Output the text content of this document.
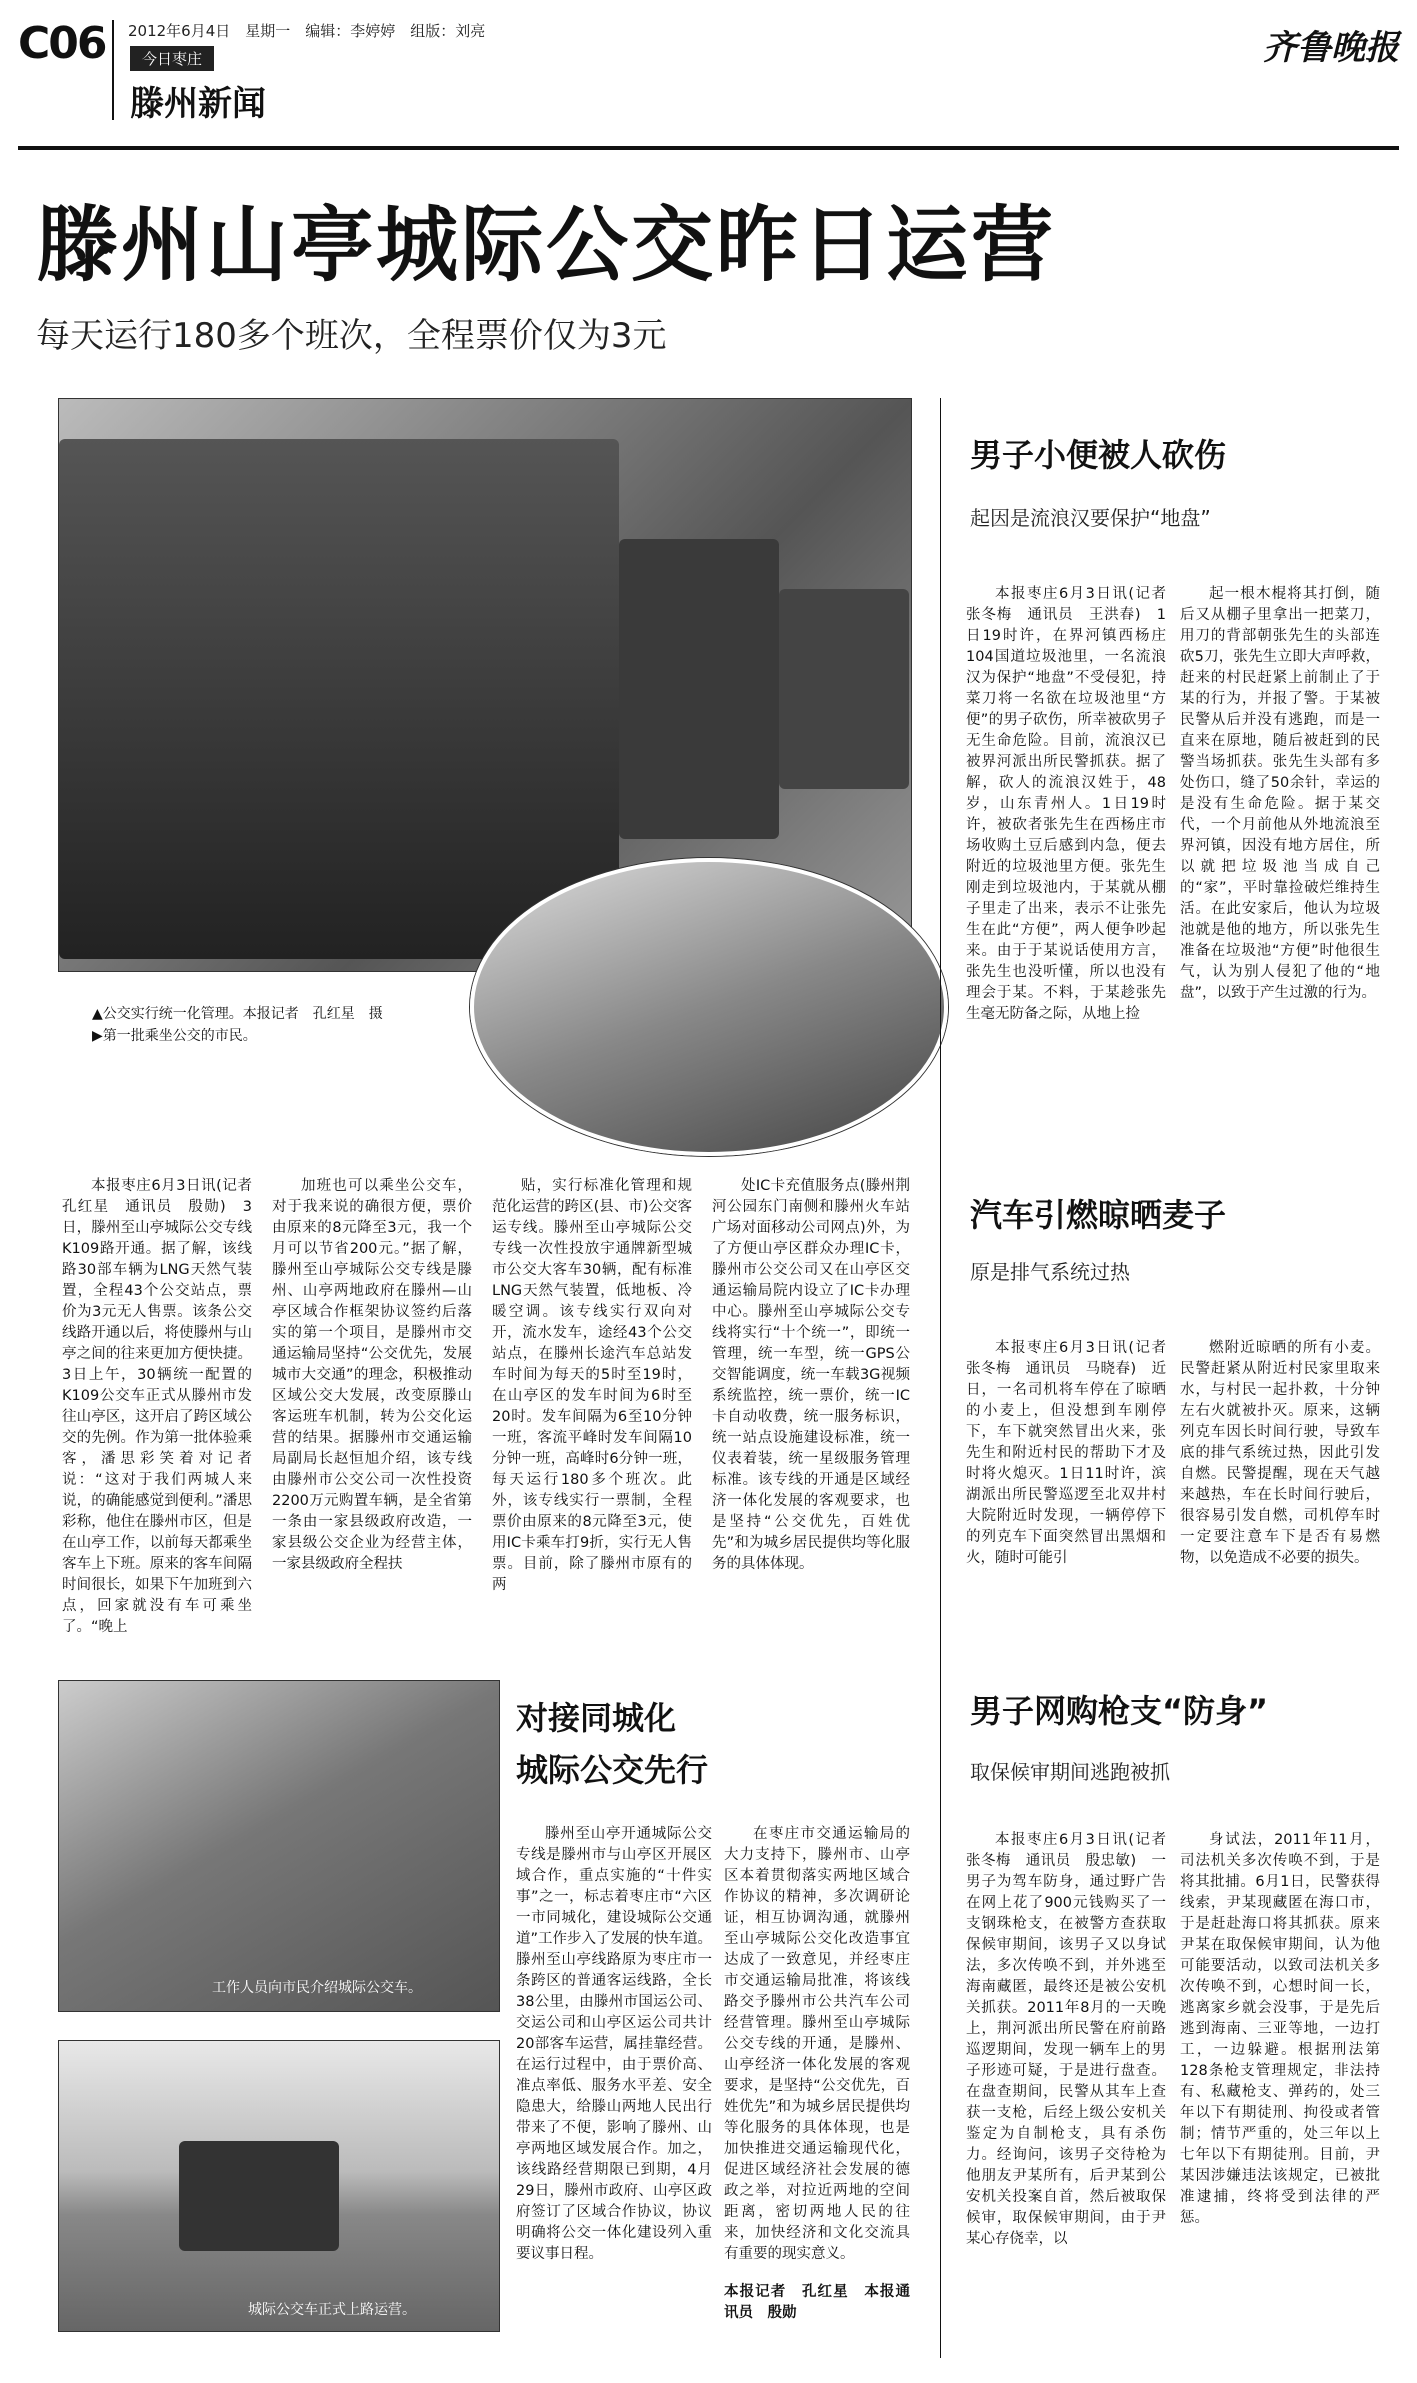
C06 2012年6月4日　星期一　编辑：李婷婷　组版：刘亮
今日枣庄
滕州新闻
齐鲁晚报
滕州山亭城际公交昨日运营
每天运行180多个班次，全程票价仅为3元
▲公交实行统一化管理。本报记者　孔红星　摄
▶第一批乘坐公交的市民。

本报枣庄6月3日讯(记者　孔红星　通讯员　殷勋)　3日，滕州至山亭城际公交专线K109路开通。据了解，该线路30部车辆为LNG天然气装置，全程43个公交站点，票价为3元无人售票。该条公交线路开通以后，将使滕州与山亭之间的往来更加方便快捷。3日上午，30辆统一配置的K109公交车正式从滕州市发往山亭区，这开启了跨区域公交的先例。作为第一批体验乘客，潘思彩笑着对记者说：“这对于我们两城人来说，的确能感觉到便利。”潘思彩称，他住在滕州市区，但是在山亭工作，以前每天都乘坐客车上下班。原来的客车间隔时间很长，如果下午加班到六点，回家就没有车可乘坐了。“晚上

加班也可以乘坐公交车，对于我来说的确很方便，票价由原来的8元降至3元，我一个月可以节省200元。”据了解，滕州至山亭城际公交专线是滕州、山亭两地政府在滕州—山亭区域合作框架协议签约后落实的第一个项目，是滕州市交通运输局坚持“公交优先，发展城市大交通”的理念，积极推动区域公交大发展，改变原滕山客运班车机制，转为公交化运营的结果。据滕州市交通运输局副局长赵恒旭介绍，该专线由滕州市公交公司一次性投资2200万元购置车辆，是全省第一条由一家县级政府改造，一家县级公交企业为经营主体，一家县级政府全程扶

贴，实行标准化管理和规范化运营的跨区(县、市)公交客运专线。滕州至山亭城际公交专线一次性投放宇通牌新型城市公交大客车30辆，配有标准LNG天然气装置，低地板、冷暖空调。该专线实行双向对开，流水发车，途经43个公交站点，在滕州长途汽车总站发车时间为每天的5时至19时，在山亭区的发车时间为6时至20时。发车间隔为6至10分钟一班，客流平峰时发车间隔10分钟一班，高峰时6分钟一班，每天运行180多个班次。此外，该专线实行一票制，全程票价由原来的8元降至3元，使用IC卡乘车打9折，实行无人售票。目前，除了滕州市原有的两

处IC卡充值服务点(滕州荆河公园东门南侧和滕州火车站广场对面移动公司网点)外，为了方便山亭区群众办理IC卡，滕州市公交公司又在山亭区交通运输局院内设立了IC卡办理中心。滕州至山亭城际公交专线将实行“十个统一”，即统一管理，统一车型，统一GPS公交智能调度，统一车载3G视频系统监控，统一票价，统一IC卡自动收费，统一服务标识，统一站点设施建设标准，统一仪表着装，统一星级服务管理标准。该专线的开通是区域经济一体化发展的客观要求，也是坚持“公交优先，百姓优先”和为城乡居民提供均等化服务的具体体现。

工作人员向市民介绍城际公交车。
城际公交车正式上路运营。
对接同城化
城际公交先行

滕州至山亭开通城际公交专线是滕州市与山亭区开展区域合作，重点实施的“十件实事”之一，标志着枣庄市“六区一市同城化，建设城际公交通道”工作步入了发展的快车道。滕州至山亭线路原为枣庄市一条跨区的普通客运线路，全长38公里，由滕州市国运公司、交运公司和山亭区运公司共计20部客车运营，属挂靠经营。在运行过程中，由于票价高、准点率低、服务水平差、安全隐患大，给滕山两地人民出行带来了不便，影响了滕州、山亭两地区域发展合作。加之，该线路经营期限已到期，4月29日，滕州市政府、山亭区政府签订了区域合作协议，协议明确将公交一体化建设列入重要议事日程。

在枣庄市交通运输局的大力支持下，滕州市、山亭区本着贯彻落实两地区域合作协议的精神，多次调研论证，相互协调沟通，就滕州至山亭城际公交化改造事宜达成了一致意见，并经枣庄市交通运输局批准，将该线路交予滕州市公共汽车公司经营管理。滕州至山亭城际公交专线的开通，是滕州、山亭经济一体化发展的客观要求，是坚持“公交优先，百姓优先”和为城乡居民提供均等化服务的具体体现，也是加快推进交通运输现代化，促进区域经济社会发展的德政之举，对拉近两地的空间距离，密切两地人民的往来，加快经济和文化交流具有重要的现实意义。

本报记者　孔红星　本报通讯员　殷勋
男子小便被人砍伤
起因是流浪汉要保护“地盘”

本报枣庄6月3日讯(记者　张冬梅　通讯员　王洪春)　1日19时许，在界河镇西杨庄104国道垃圾池里，一名流浪汉为保护“地盘”不受侵犯，持菜刀将一名欲在垃圾池里“方便”的男子砍伤，所幸被砍男子无生命危险。目前，流浪汉已被界河派出所民警抓获。据了解，砍人的流浪汉姓于，48岁，山东青州人。1日19时许，被砍者张先生在西杨庄市场收购土豆后感到内急，便去附近的垃圾池里方便。张先生刚走到垃圾池内，于某就从棚子里走了出来，表示不让张先生在此“方便”，两人便争吵起来。由于于某说话使用方言，张先生也没听懂，所以也没有理会于某。不料，于某趁张先生毫无防备之际，从地上捡

起一根木棍将其打倒，随后又从棚子里拿出一把菜刀，用刀的背部朝张先生的头部连砍5刀，张先生立即大声呼救，赶来的村民赶紧上前制止了于某的行为，并报了警。于某被民警从后并没有逃跑，而是一直来在原地，随后被赶到的民警当场抓获。张先生头部有多处伤口，缝了50余针，幸运的是没有生命危险。据于某交代，一个月前他从外地流浪至界河镇，因没有地方居住，所以就把垃圾池当成自己的“家”，平时靠捡破烂维持生活。在此安家后，他认为垃圾池就是他的地方，所以张先生准备在垃圾池“方便”时他很生气，认为别人侵犯了他的“地盘”，以致于产生过激的行为。

汽车引燃晾晒麦子
原是排气系统过热

本报枣庄6月3日讯(记者　张冬梅　通讯员　马晓春)　近日，一名司机将车停在了晾晒的小麦上，但没想到车刚停下，车下就突然冒出火来，张先生和附近村民的帮助下才及时将火熄灭。1日11时许，滨湖派出所民警巡逻至北双井村大院附近时发现，一辆停停下的列克车下面突然冒出黑烟和火，随时可能引

燃附近晾晒的所有小麦。民警赶紧从附近村民家里取来水，与村民一起扑救，十分钟左右火就被扑灭。原来，这辆列克车因长时间行驶，导致车底的排气系统过热，因此引发自燃。民警提醒，现在天气越来越热，车在长时间行驶后，很容易引发自燃，司机停车时一定要注意车下是否有易燃物，以免造成不必要的损失。

男子网购枪支“防身”
取保候审期间逃跑被抓

本报枣庄6月3日讯(记者　张冬梅　通讯员　殷忠敏)　一男子为驾车防身，通过野广告在网上花了900元钱购买了一支钢珠枪支，在被警方查获取保候审期间，该男子又以身试法，多次传唤不到，并外逃至海南藏匿，最终还是被公安机关抓获。2011年8月的一天晚上，荆河派出所民警在府前路巡逻期间，发现一辆车上的男子形迹可疑，于是进行盘查。在盘查期间，民警从其车上查获一支枪，后经上级公安机关鉴定为自制枪支，具有杀伤力。经询问，该男子交待枪为他朋友尹某所有，后尹某到公安机关投案自首，然后被取保候审，取保候审期间，由于尹某心存侥幸，以

身试法，2011年11月，司法机关多次传唤不到，于是将其批捕。6月1日，民警获得线索，尹某现藏匿在海口市，于是赶赴海口将其抓获。原来尹某在取保候审期间，认为他可能要活动，以致司法机关多次传唤不到，心想时间一长，逃离家乡就会没事，于是先后逃到海南、三亚等地，一边打工，一边躲避。根据刑法第128条枪支管理规定，非法持有、私藏枪支、弹药的，处三年以下有期徒刑、拘役或者管制；情节严重的，处三年以上七年以下有期徒刑。目前，尹某因涉嫌违法该规定，已被批准逮捕，终将受到法律的严惩。
